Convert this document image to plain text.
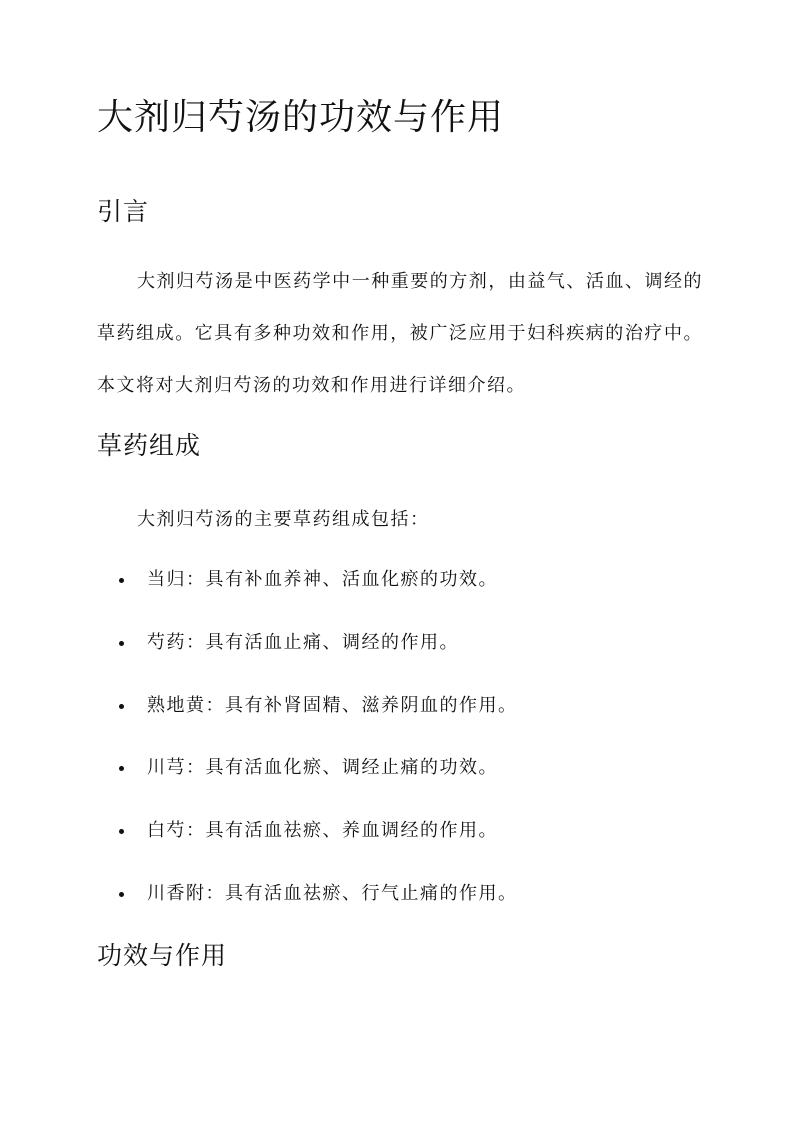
大剂归芍汤的功效与作用
引言

大剂归芍汤是中医药学中一种重要的方剂，由益气、活血、调经的草药组成。它具有多种功效和作用，被广泛应用于妇科疾病的治疗中。本文将对大剂归芍汤的功效和作用进行详细介绍。

草药组成

大剂归芍汤的主要草药组成包括：

当归：具有补血养神、活血化瘀的功效。
芍药：具有活血止痛、调经的作用。
熟地黄：具有补肾固精、滋养阴血的作用。
川芎：具有活血化瘀、调经止痛的功效。
白芍：具有活血祛瘀、养血调经的作用。
川香附：具有活血祛瘀、行气止痛的作用。
功效与作用
